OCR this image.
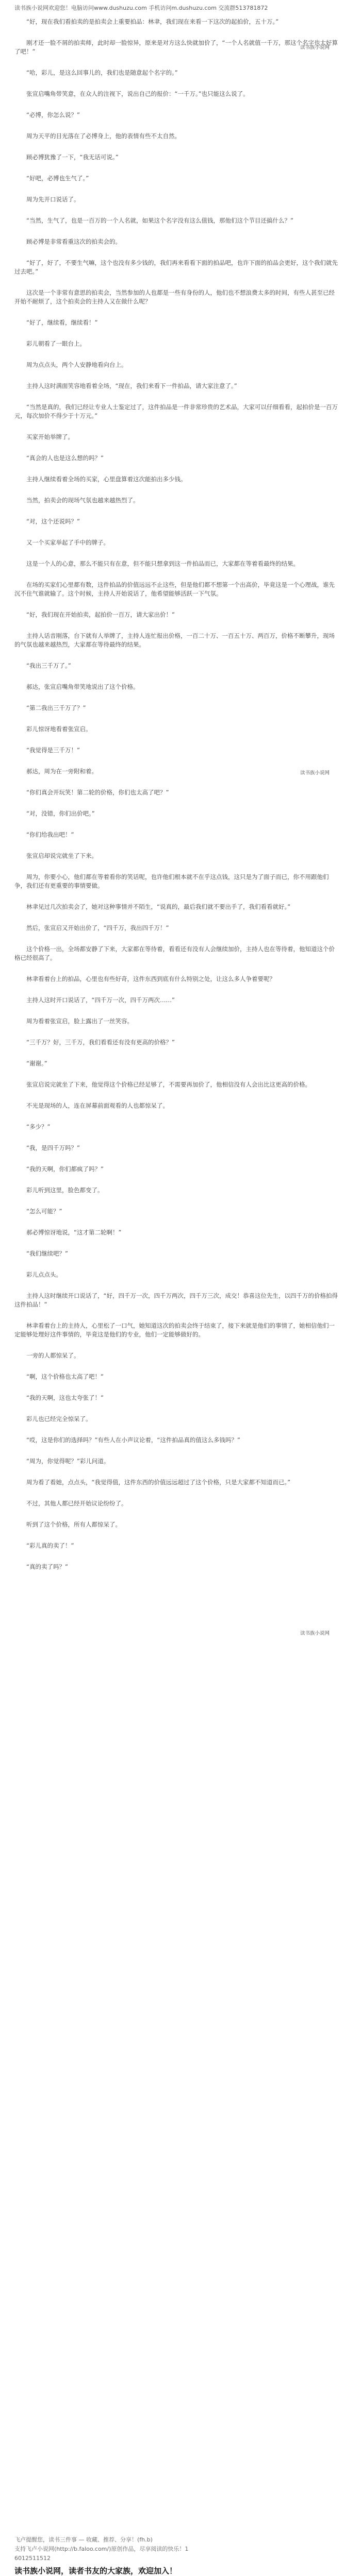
读书族小说网欢迎您！电脑访问www.dushuzu.com 手机访问m.dushuzu.com 交流群513781872

“好，现在我们看拍卖的是拍卖会上重要拍品：林聿，我们现在来看一下这次的起拍价，五十万。”

刚才还一脸不屑的拍卖师，此时却一脸惊异，原来是对方这么快就加价了，“一个人名就值一千万，那这个名字也太好算了吧！”

“哈，彩儿，是这么回事儿的，我们也是随意起个名字的。”

张宣启嘴角带笑意，在众人的注视下，说出自己的报价：“一千万。”也只能这么说了。

“必博，你怎么说？”

周为天平的目光落在了必博身上，他的表情有些不太自然。

顾必博犹豫了一下，“我无话可说。”

“好吧，必博也生气了。”

周为先开口说话了。

“当然，生气了，也是一百万的一个人名就，如果这个名字没有这么值钱，那他们这个节目还搞什么？”

顾必博是非常看重这次的拍卖会的。

“好了，好了，不要生气嘛，这个也没有多少钱的，我们再来看看下面的拍品吧，也许下面的拍品会更好，这个我们就先过去吧。”

这次是一个非常有意思的拍卖会，当然参加的人也都是一些有身份的人，他们也不想浪费太多的时间，有些人甚至已经开始不耐烦了，这个拍卖会的主持人又在做什么呢？

“好了，继续看，继续看！”

彩儿朝看了一眼台上。

周为点点头，两个人安静地看向台上。

主持人这时满面笑容地看着全场，“现在，我们来看下一件拍品，请大家注意了。”

“当然是真的，我们已经让专业人士鉴定过了，这件拍品是一件非常珍贵的艺术品，大家可以仔细看看，起拍价是一百万元，每次加价不得少于十万元。”

买家开始举牌了。

“真会的人也是这么想的吗？”

主持人继续看着全场的买家，心里盘算着这次能拍出多少钱。

当然，拍卖会的现场气氛也越来越热烈了。

“对，这个还说吗？”

又一个买家举起了手中的牌子。

这是一个人的心意，那么不能只有在意，但不能只想拿到这一件拍品而已，大家都在等着看最终的结果。

在场的买家们心里都有数，这件拍品的价值远远不止这些，但是他们都不想第一个出高价，毕竟这是一个心理战，谁先沉不住气谁就输了。这个时候，主持人开始说话了，他希望能够活跃一下气氛。

“好，我们现在开始拍卖，起拍价一百万，请大家出价！”

主持人话音刚落，台下就有人举牌了，主持人连忙报出价格，一百二十万、一百五十万、两百万，价格不断攀升，现场的气氛也越来越热烈，大家都在等待最终的结果。

“我出三千万了。”

郝达，张宣启嘴角带笑地说出了这个价格。

“第二我出三千万了？”

彩儿惊讶地看着张宣启。

“我觉得是三千万！”

郝达，周为在一旁附和着。

“你们真会开玩笑！第二轮的价格，你们也太高了吧？”

“对，没错，你们出价吧。”

“你们给我出吧！”

张宣启却说完就坐了下来。

周为，你要小心，他们都在等着看你的笑话呢，也许他们根本就不在乎这点钱，这只是为了面子而已，你不用跟他们争，我们还有更重要的事情要做。

林聿见过几次拍卖会了，她对这种事情并不陌生，“说真的，最后我们就不要出手了，我们看看就好。”

然后，张宣启又开始出价了，“四千万，我出四千万！”

这个价格一出，全场都安静了下来，大家都在等待着，看看还有没有人会继续加价，主持人也在等待着，他知道这个价格已经很高了。

林聿看着台上的拍品，心里也有些好奇，这件东西到底有什么特别之处，让这么多人争着要呢？

主持人这时开口说话了，“四千万一次，四千万两次……”

周为看着张宣启，脸上露出了一丝笑容。

“三千万？好，三千万，我们看看还有没有更高的价格？”

“谢谢。”

张宣启说完就坐了下来，他觉得这个价格已经足够了，不需要再加价了，他相信没有人会出比这更高的价格。

不光是现场的人，连在屏幕前面观看的人也都惊呆了。

“多少？”

“我，是四千万吗？”

“我的天啊，你们都疯了吗？”

彩儿听到这里，脸色都变了。

“怎么可能？”

郝必博惊讶地说，“这才第二轮啊！”

“我们继续吧？”

彩儿点点头。

主持人这时继续开口说话了，“好，四千万一次，四千万两次，四千万三次，成交！恭喜这位先生，以四千万的价格拍得这件拍品！”

林聿看着台上的主持人，心里松了一口气，她知道这次的拍卖会终于结束了，接下来就是他们的事情了，她相信他们一定能够处理好这件事情的，毕竟这是他们的专业，他们一定能够做好的。

一旁的人都惊呆了。

“啊，这个价格也太高了吧！”

“我的天啊，这也太夸张了！”

彩儿也已经完全惊呆了。

“哎，这是你们的选择吗？”有些人在小声议论着，“这件拍品真的值这么多钱吗？”

“周为，你觉得呢？”彩儿问道。

周为看了看她，点点头，“我觉得值，这件东西的价值远远超过了这个价格，只是大家都不知道而已。”

不过，其他人都已经开始议论纷纷了。

听到了这个价格，所有人都惊呆了。

“彩儿真的卖了！”

“真的卖了吗？”

读书族小说网
读书族小说网
读书族小说网
飞卢提醒您，读书三件事 — 收藏、推荐、分享！(fh.b)
支持飞卢小说网(http://b.faloo.com/)原创作品，尽享阅读的快乐！1
6012511512
读书族小说网，读者书友的大家族，欢迎加入！
